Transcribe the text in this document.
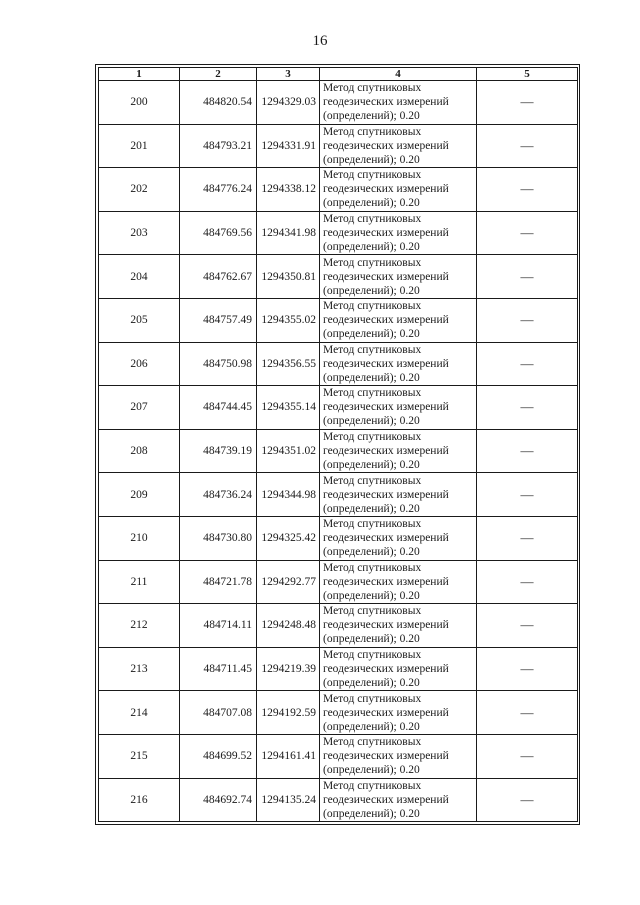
16
1	2	3	4	5
200	484820.54	1294329.03	Метод спутниковых
геодезических измерений
(определений); 0.20	—
201	484793.21	1294331.91	Метод спутниковых
геодезических измерений
(определений); 0.20	—
202	484776.24	1294338.12	Метод спутниковых
геодезических измерений
(определений); 0.20	—
203	484769.56	1294341.98	Метод спутниковых
геодезических измерений
(определений); 0.20	—
204	484762.67	1294350.81	Метод спутниковых
геодезических измерений
(определений); 0.20	—
205	484757.49	1294355.02	Метод спутниковых
геодезических измерений
(определений); 0.20	—
206	484750.98	1294356.55	Метод спутниковых
геодезических измерений
(определений); 0.20	—
207	484744.45	1294355.14	Метод спутниковых
геодезических измерений
(определений); 0.20	—
208	484739.19	1294351.02	Метод спутниковых
геодезических измерений
(определений); 0.20	—
209	484736.24	1294344.98	Метод спутниковых
геодезических измерений
(определений); 0.20	—
210	484730.80	1294325.42	Метод спутниковых
геодезических измерений
(определений); 0.20	—
211	484721.78	1294292.77	Метод спутниковых
геодезических измерений
(определений); 0.20	—
212	484714.11	1294248.48	Метод спутниковых
геодезических измерений
(определений); 0.20	—
213	484711.45	1294219.39	Метод спутниковых
геодезических измерений
(определений); 0.20	—
214	484707.08	1294192.59	Метод спутниковых
геодезических измерений
(определений); 0.20	—
215	484699.52	1294161.41	Метод спутниковых
геодезических измерений
(определений); 0.20	—
216	484692.74	1294135.24	Метод спутниковых
геодезических измерений
(определений); 0.20	—
